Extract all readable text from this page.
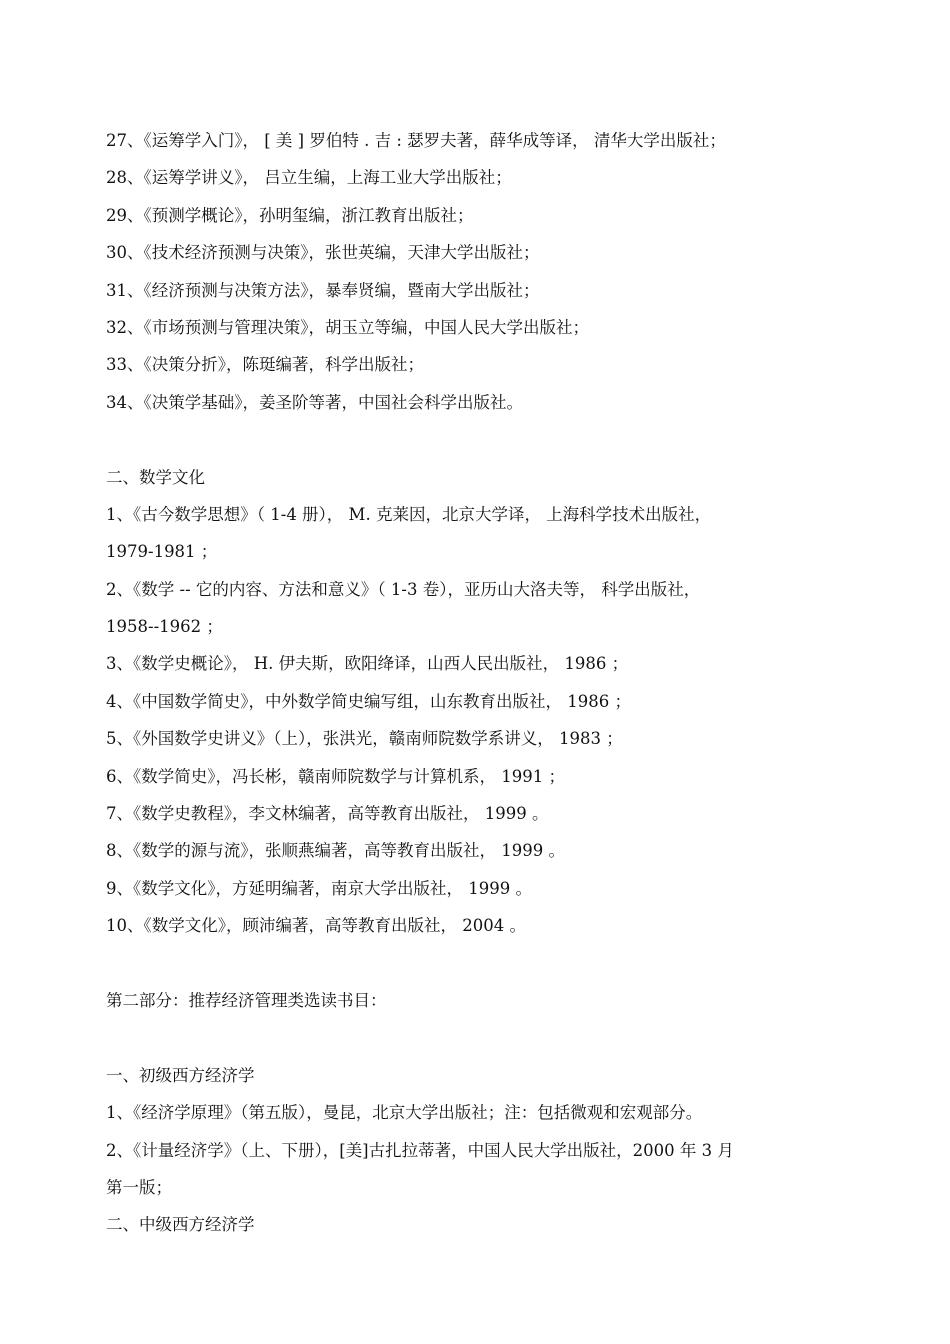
27、《运筹学入门》， [ 美 ] 罗伯特 . 吉 : 瑟罗夫著，薛华成等译， 清华大学出版社；
28、《运筹学讲义》， 吕立生编，上海工业大学出版社；
29、《预测学概论》，孙明玺编，浙江教育出版社；
30、《技术经济预测与决策》，张世英编，天津大学出版社；
31、《经济预测与决策方法》，暴奉贤编，暨南大学出版社；
32、《市场预测与管理决策》，胡玉立等编，中国人民大学出版社；
33、《决策分折》，陈珽编著，科学出版社；
34、《决策学基础》，姜圣阶等著，中国社会科学出版社。
二、数学文化
1、《古今数学思想》（ 1-4 册）， M. 克莱因，北京大学译， 上海科学技术出版社，
1979-1981 ；
2、《数学 -- 它的内容、方法和意义》（ 1-3 卷），亚历山大洛夫等， 科学出版社，
1958--1962 ；
3、《数学史概论》， H. 伊夫斯，欧阳绛译，山西人民出版社， 1986 ；
4、《中国数学简史》，中外数学简史编写组，山东教育出版社， 1986 ；
5、《外国数学史讲义》（上），张洪光，赣南师院数学系讲义， 1983 ；
6、《数学简史》，冯长彬，赣南师院数学与计算机系， 1991 ；
7、《数学史教程》，李文林编著，高等教育出版社， 1999 。
8、《数学的源与流》，张顺燕编著，高等教育出版社， 1999 。
9、《数学文化》，方延明编著，南京大学出版社， 1999 。
10、《数学文化》，顾沛编著，高等教育出版社， 2004 。
第二部分：推荐经济管理类选读书目：
一、初级西方经济学
1、《经济学原理》（第五版），曼昆，北京大学出版社；注：包括微观和宏观部分。
2、《计量经济学》（上、下册），[美]古扎拉蒂著，中国人民大学出版社，2000 年 3 月
第一版；
二、中级西方经济学
